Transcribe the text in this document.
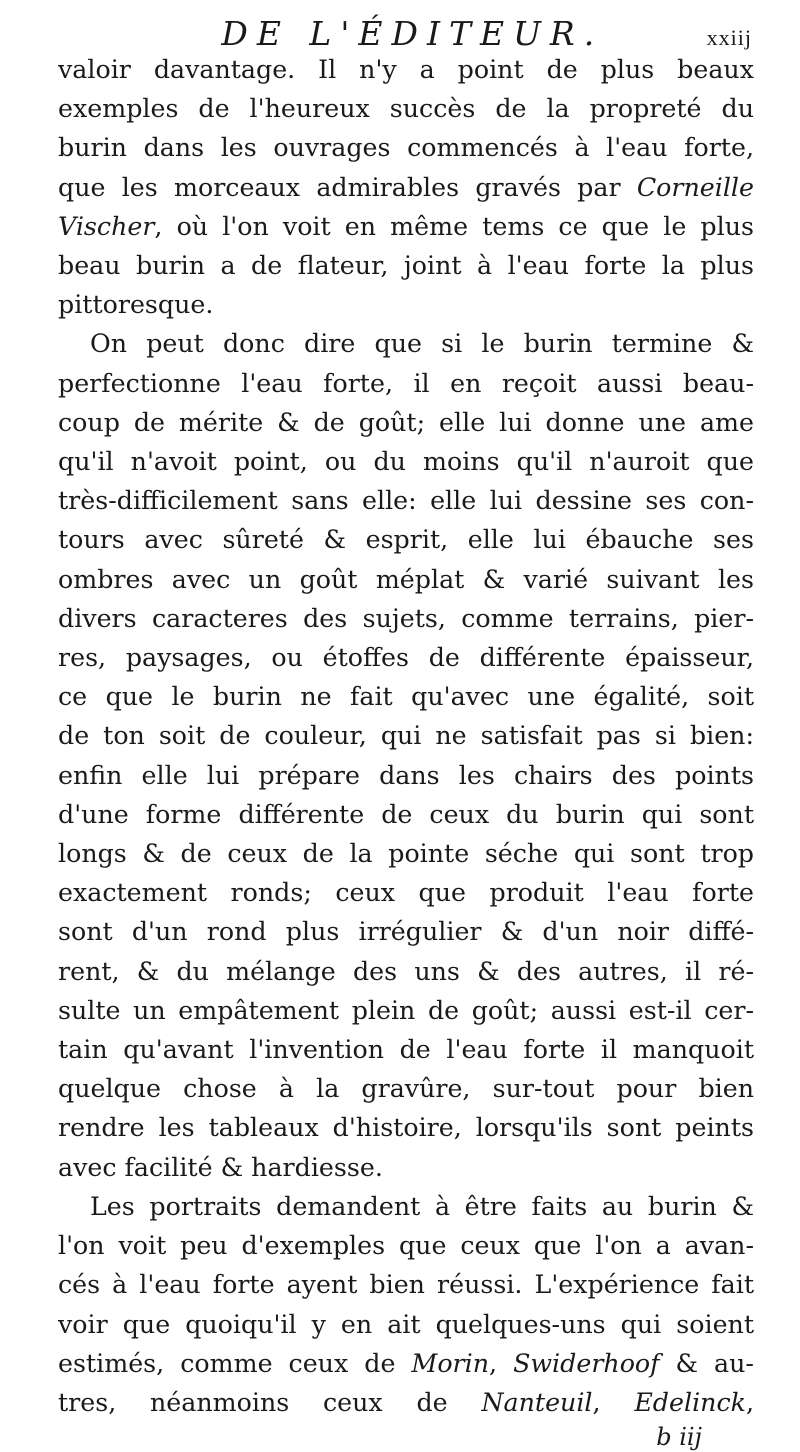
DE L'ÉDITEUR.	xxiij
valoir davantage. Il n'y a point de plus beaux
exemples de l'heureux succès de la propreté du
burin dans les ouvrages commencés à l'eau forte,
que les morceaux admirables gravés par Corneille
Vischer, où l'on voit en même tems ce que le plus
beau burin a de flateur, joint à l'eau forte la plus
pittoresque.
On peut donc dire que si le burin termine &
perfectionne l'eau forte, il en reçoit aussi beau-
coup de mérite & de goût; elle lui donne une ame
qu'il n'avoit point, ou du moins qu'il n'auroit que
très-difficilement sans elle: elle lui dessine ses con-
tours avec sûreté & esprit, elle lui ébauche ses
ombres avec un goût méplat & varié suivant les
divers caracteres des sujets, comme terrains, pier-
res, paysages, ou étoffes de différente épaisseur,
ce que le burin ne fait qu'avec une égalité, soit
de ton soit de couleur, qui ne satisfait pas si bien:
enfin elle lui prépare dans les chairs des points
d'une forme différente de ceux du burin qui sont
longs & de ceux de la pointe séche qui sont trop
exactement ronds; ceux que produit l'eau forte
sont d'un rond plus irrégulier & d'un noir diffé-
rent, & du mélange des uns & des autres, il ré-
sulte un empâtement plein de goût; aussi est-il cer-
tain qu'avant l'invention de l'eau forte il manquoit
quelque chose à la gravûre, sur-tout pour bien
rendre les tableaux d'histoire, lorsqu'ils sont peints
avec facilité & hardiesse.
Les portraits demandent à être faits au burin &
l'on voit peu d'exemples que ceux que l'on a avan-
cés à l'eau forte ayent bien réussi. L'expérience fait
voir que quoiqu'il y en ait quelques-uns qui soient
estimés, comme ceux de Morin, Swiderhoof & au-
tres, néanmoins ceux de Nanteuil, Edelinck,
b iij
